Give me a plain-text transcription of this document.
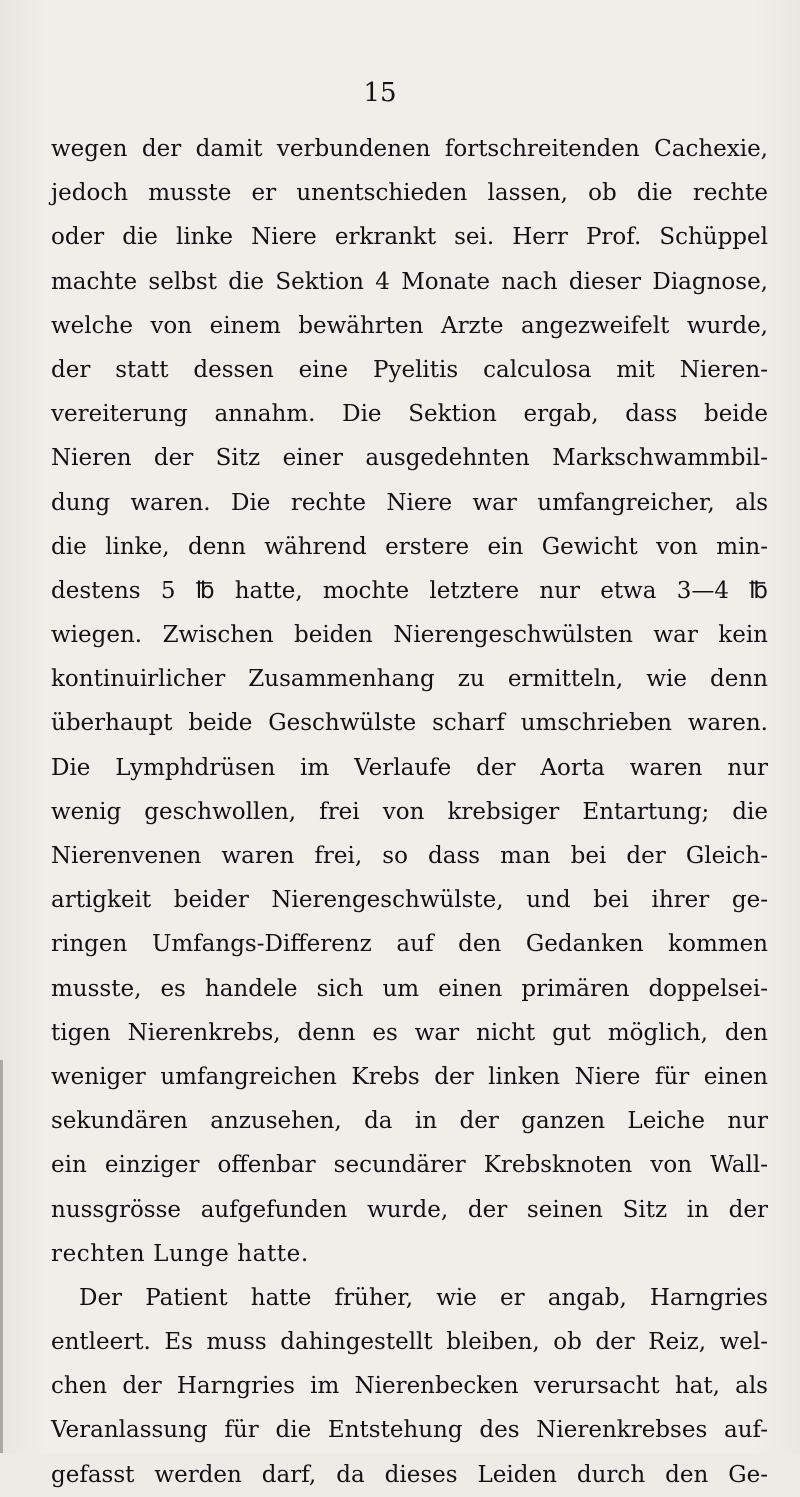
15

wegen der damit verbundenen fortschreitenden Cachexie,
jedoch musste er unentschieden lassen, ob die rechte
oder die linke Niere erkrankt sei. Herr Prof. Schüppel
machte selbst die Sektion 4 Monate nach dieser Diagnose,
welche von einem bewährten Arzte angezweifelt wurde,
der statt dessen eine Pyelitis calculosa mit Nieren-
vereiterung annahm. Die Sektion ergab, dass beide
Nieren der Sitz einer ausgedehnten Markschwammbil-
dung waren. Die rechte Niere war umfangreicher, als
die linke, denn während erstere ein Gewicht von min-
destens 5 ℔ hatte, mochte letztere nur etwa 3—4 ℔
wiegen. Zwischen beiden Nierengeschwülsten war kein
kontinuirlicher Zusammenhang zu ermitteln, wie denn
überhaupt beide Geschwülste scharf umschrieben waren.
Die Lymphdrüsen im Verlaufe der Aorta waren nur
wenig geschwollen, frei von krebsiger Entartung; die
Nierenvenen waren frei, so dass man bei der Gleich-
artigkeit beider Nierengeschwülste, und bei ihrer ge-
ringen Umfangs-Differenz auf den Gedanken kommen
musste, es handele sich um einen primären doppelsei-
tigen Nierenkrebs, denn es war nicht gut möglich, den
weniger umfangreichen Krebs der linken Niere für einen
sekundären anzusehen, da in der ganzen Leiche nur
ein einziger offenbar secundärer Krebsknoten von Wall-
nussgrösse aufgefunden wurde, der seinen Sitz in der
rechten Lunge hatte.
Der Patient hatte früher, wie er angab, Harngries
entleert. Es muss dahingestellt bleiben, ob der Reiz, wel-
chen der Harngries im Nierenbecken verursacht hat, als
Veranlassung für die Entstehung des Nierenkrebses auf-
gefasst werden darf, da dieses Leiden durch den Ge-
